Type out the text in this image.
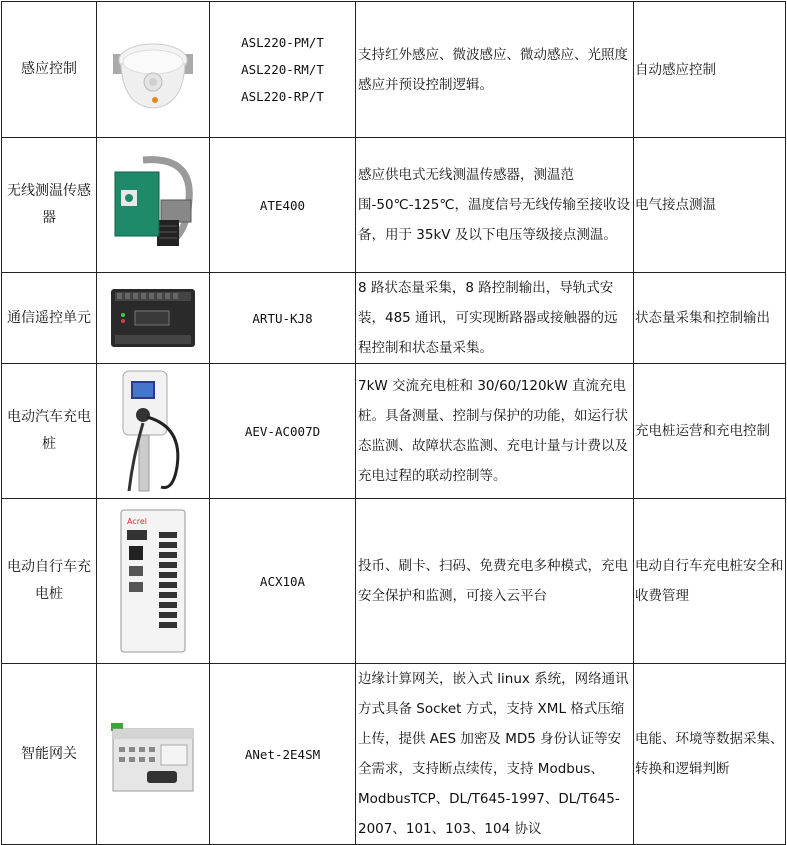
感应控制		ASL220-PM/T
ASL220-RM/T
ASL220-RP/T	支持红外感应、微波感应、微动感应、光照度感应并预设控制逻辑。	自动感应控制
无线测温传感器		ATE400	感应供电式无线测温传感器，测温范围-50℃-125℃，温度信号无线传输至接收设备，用于 35kV 及以下电压等级接点测温。	电气接点测温
通信遥控单元		ARTU-KJ8	8 路状态量采集，8 路控制输出，导轨式安装，485 通讯，可实现断路器或接触器的远程控制和状态量采集。	状态量采集和控制输出
电动汽车充电桩		AEV-AC007D	7kW 交流充电桩和 30/60/120kW 直流充电桩。具备测量、控制与保护的功能，如运行状态监测、故障状态监测、充电计量与计费以及充电过程的联动控制等。	充电桩运营和充电控制
电动自行车充电桩	Acrel	ACX10A	投币、刷卡、扫码、免费充电多种模式，充电安全保护和监测，可接入云平台	电动自行车充电桩安全和收费管理
智能网关		ANet-2E4SM	边缘计算网关，嵌入式 linux 系统，网络通讯方式具备 Socket 方式，支持 XML 格式压缩上传，提供 AES 加密及 MD5 身份认证等安全需求，支持断点续传，支持 Modbus、ModbusTCP、DL/T645-1997、DL/T645-2007、101、103、104 协议	电能、环境等数据采集、转换和逻辑判断
